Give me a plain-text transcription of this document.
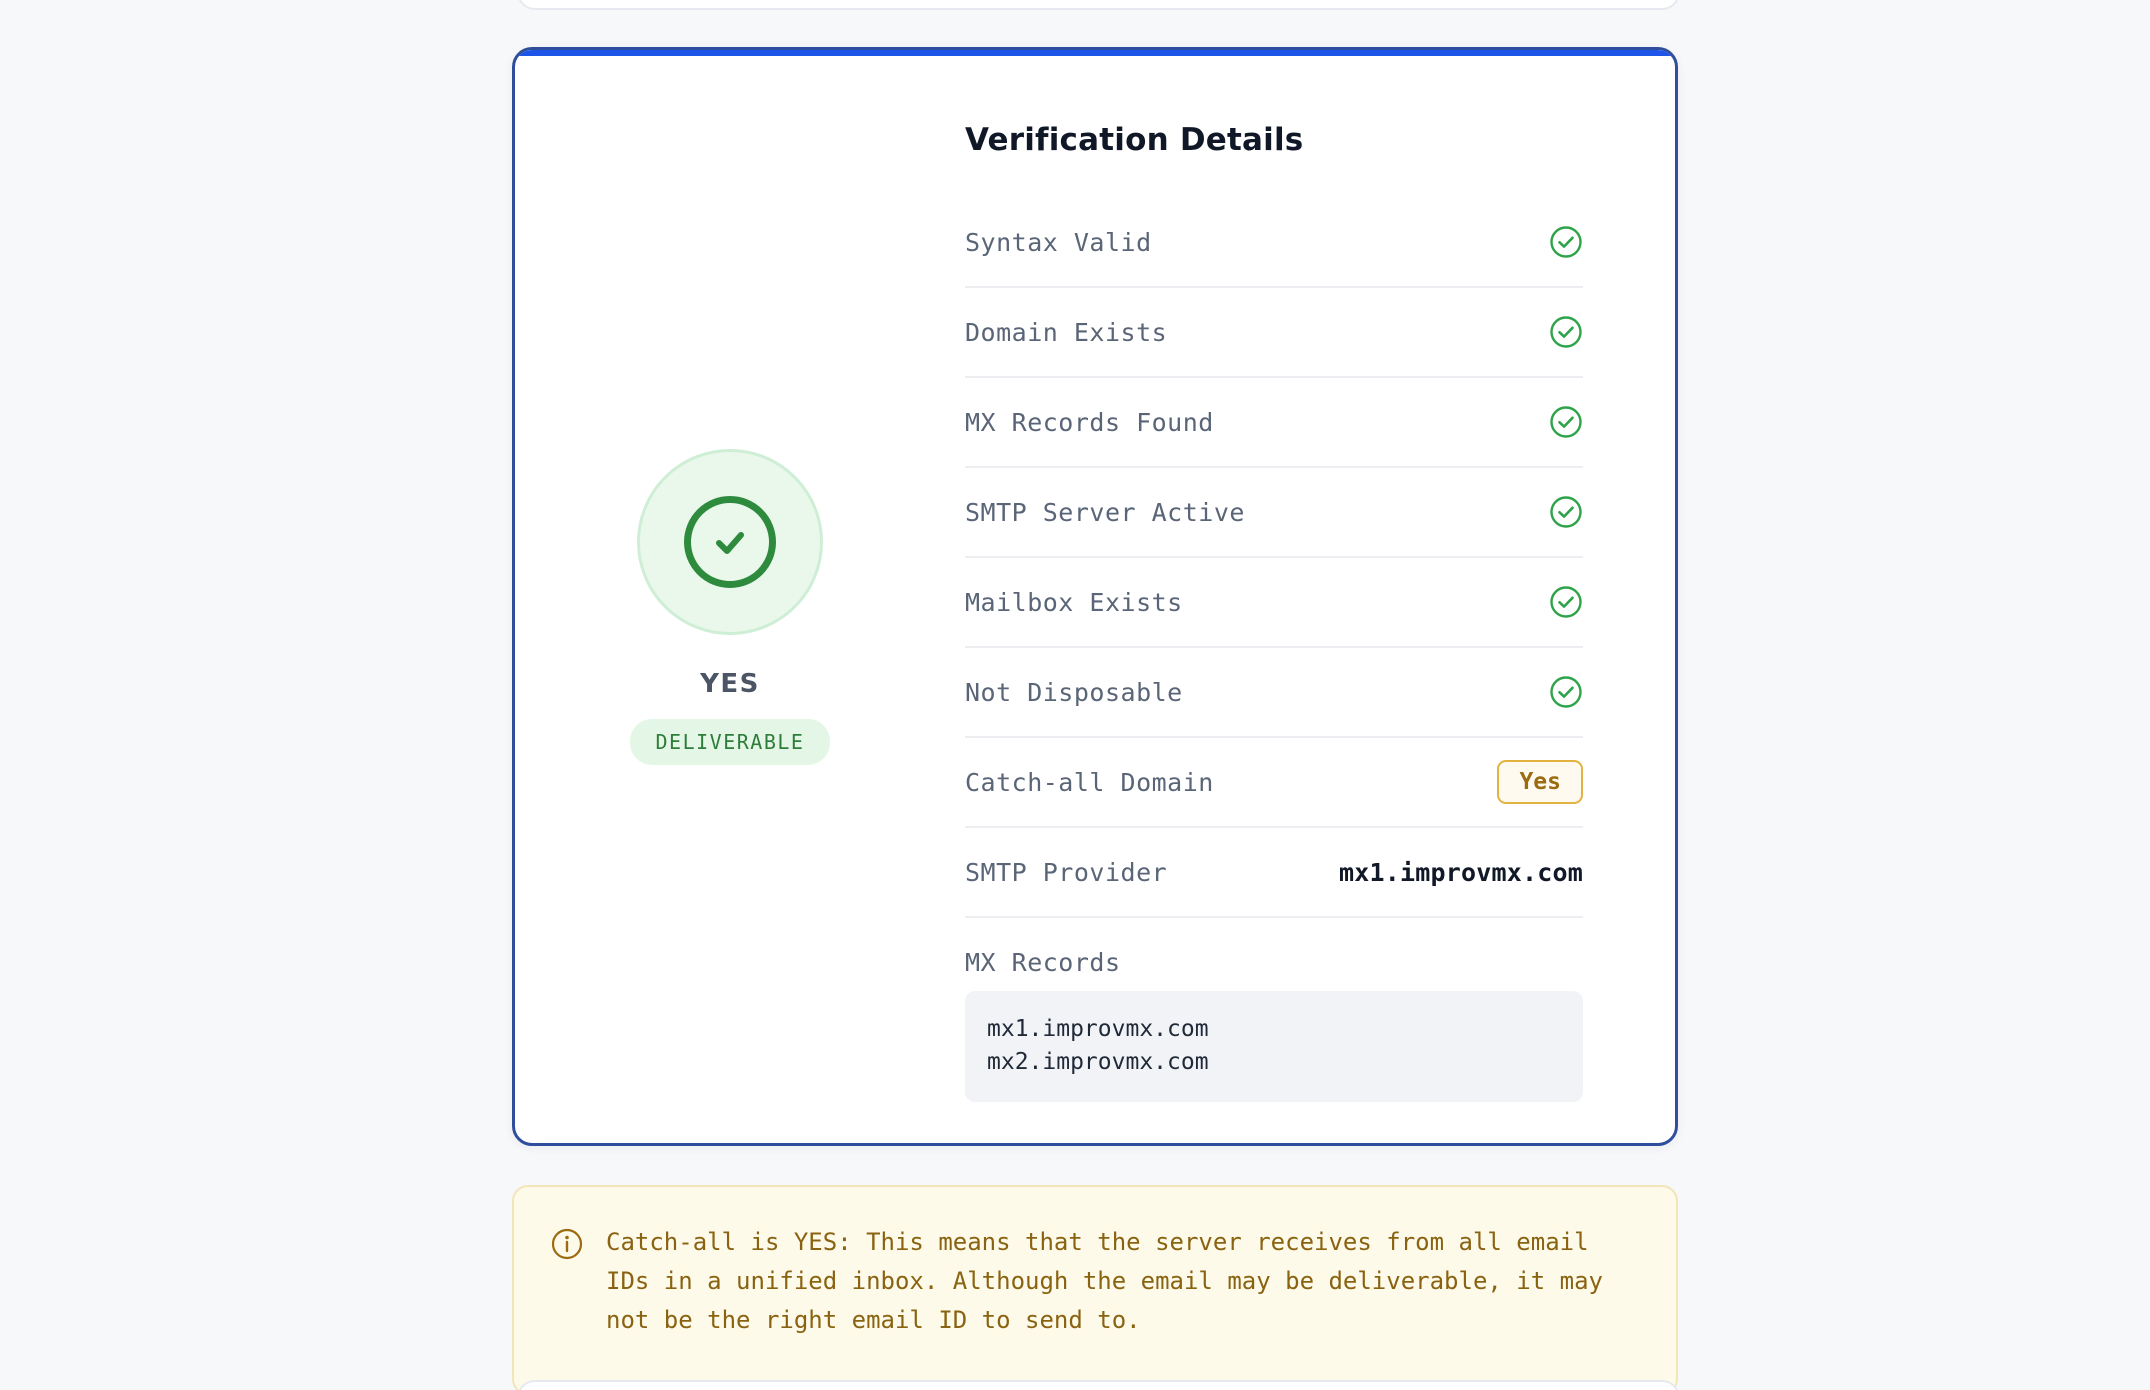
YES
DELIVERABLE
Verification Details
Syntax Valid
Domain Exists
MX Records Found
SMTP Server Active
Mailbox Exists
Not Disposable
Catch-all Domain	Yes
SMTP Provider	mx1.improvmx.com
MX Records
mx1.improvmx.com
mx2.improvmx.com
Catch-all is YES: This means that the server receives from all email IDs in a unified inbox. Although the email may be deliverable, it may not be the right email ID to send to.
